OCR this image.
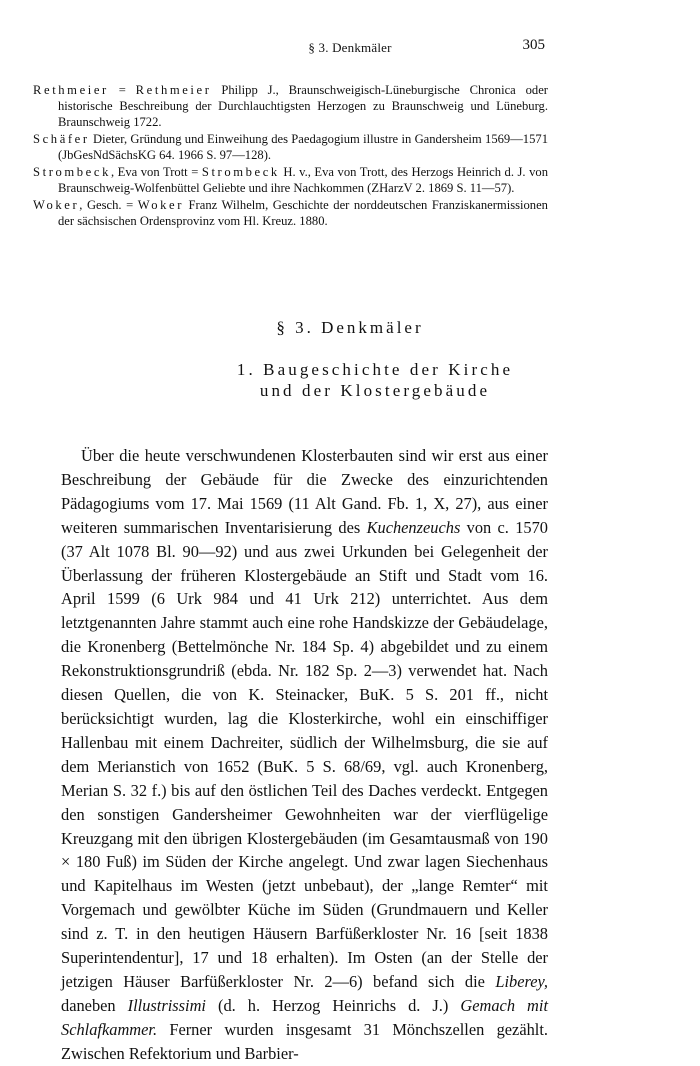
§ 3. Denkmäler	305
Rethmeier = Rethmeier Philipp J., Braunschweigisch-Lüneburgische Chronica oder historische Beschreibung der Durchlauchtigsten Herzogen zu Braunschweig und Lüneburg. Braunschweig 1722.
Schäfer Dieter, Gründung und Einweihung des Paedagogium illustre in Gandersheim 1569—1571 (JbGesNdSächsKG 64. 1966 S. 97—128).
Strombeck, Eva von Trott = Strombeck H. v., Eva von Trott, des Herzogs Heinrich d. J. von Braunschweig-Wolfenbüttel Geliebte und ihre Nachkommen (ZHarzV 2. 1869 S. 11—57).
Woker, Gesch. = Woker Franz Wilhelm, Geschichte der norddeutschen Franziskanermissionen der sächsischen Ordensprovinz vom Hl. Kreuz. 1880.
§ 3. Denkmäler
1. Baugeschichte der Kirche
und der Klostergebäude

Über die heute verschwundenen Klosterbauten sind wir erst aus einer Beschreibung der Gebäude für die Zwecke des einzurichtenden Pädagogiums vom 17. Mai 1569 (11 Alt Gand. Fb. 1, X, 27), aus einer weiteren summarischen Inventarisierung des Kuchenzeuchs von c. 1570 (37 Alt 1078 Bl. 90—92) und aus zwei Urkunden bei Gelegenheit der Überlassung der früheren Klostergebäude an Stift und Stadt vom 16. April 1599 (6 Urk 984 und 41 Urk 212) unterrichtet. Aus dem letztgenannten Jahre stammt auch eine rohe Handskizze der Gebäudelage, die Kronenberg (Bettelmönche Nr. 184 Sp. 4) abgebildet und zu einem Rekonstruktionsgrundriß (ebda. Nr. 182 Sp. 2—3) verwendet hat. Nach diesen Quellen, die von K. Steinacker, BuK. 5 S. 201 ff., nicht berücksichtigt wurden, lag die Klosterkirche, wohl ein einschiffiger Hallenbau mit einem Dachreiter, südlich der Wilhelmsburg, die sie auf dem Merianstich von 1652 (BuK. 5 S. 68/69, vgl. auch Kronenberg, Merian S. 32 f.) bis auf den östlichen Teil des Daches verdeckt. Entgegen den sonstigen Gandersheimer Gewohnheiten war der vierflügelige Kreuzgang mit den übrigen Klostergebäuden (im Gesamtausmaß von 190 × 180 Fuß) im Süden der Kirche angelegt. Und zwar lagen Siechenhaus und Kapitelhaus im Westen (jetzt unbebaut), der „lange Remter“ mit Vorgemach und gewölbter Küche im Süden (Grundmauern und Keller sind z. T. in den heutigen Häusern Barfüßerkloster Nr. 16 [seit 1838 Superintendentur], 17 und 18 erhalten). Im Osten (an der Stelle der jetzigen Häuser Barfüßerkloster Nr. 2—6) befand sich die Liberey, daneben Illustrissimi (d. h. Herzog Heinrichs d. J.) Gemach mit Schlafkammer. Ferner wurden insgesamt 31 Mönchszellen gezählt. Zwischen Refektorium und Barbier-
